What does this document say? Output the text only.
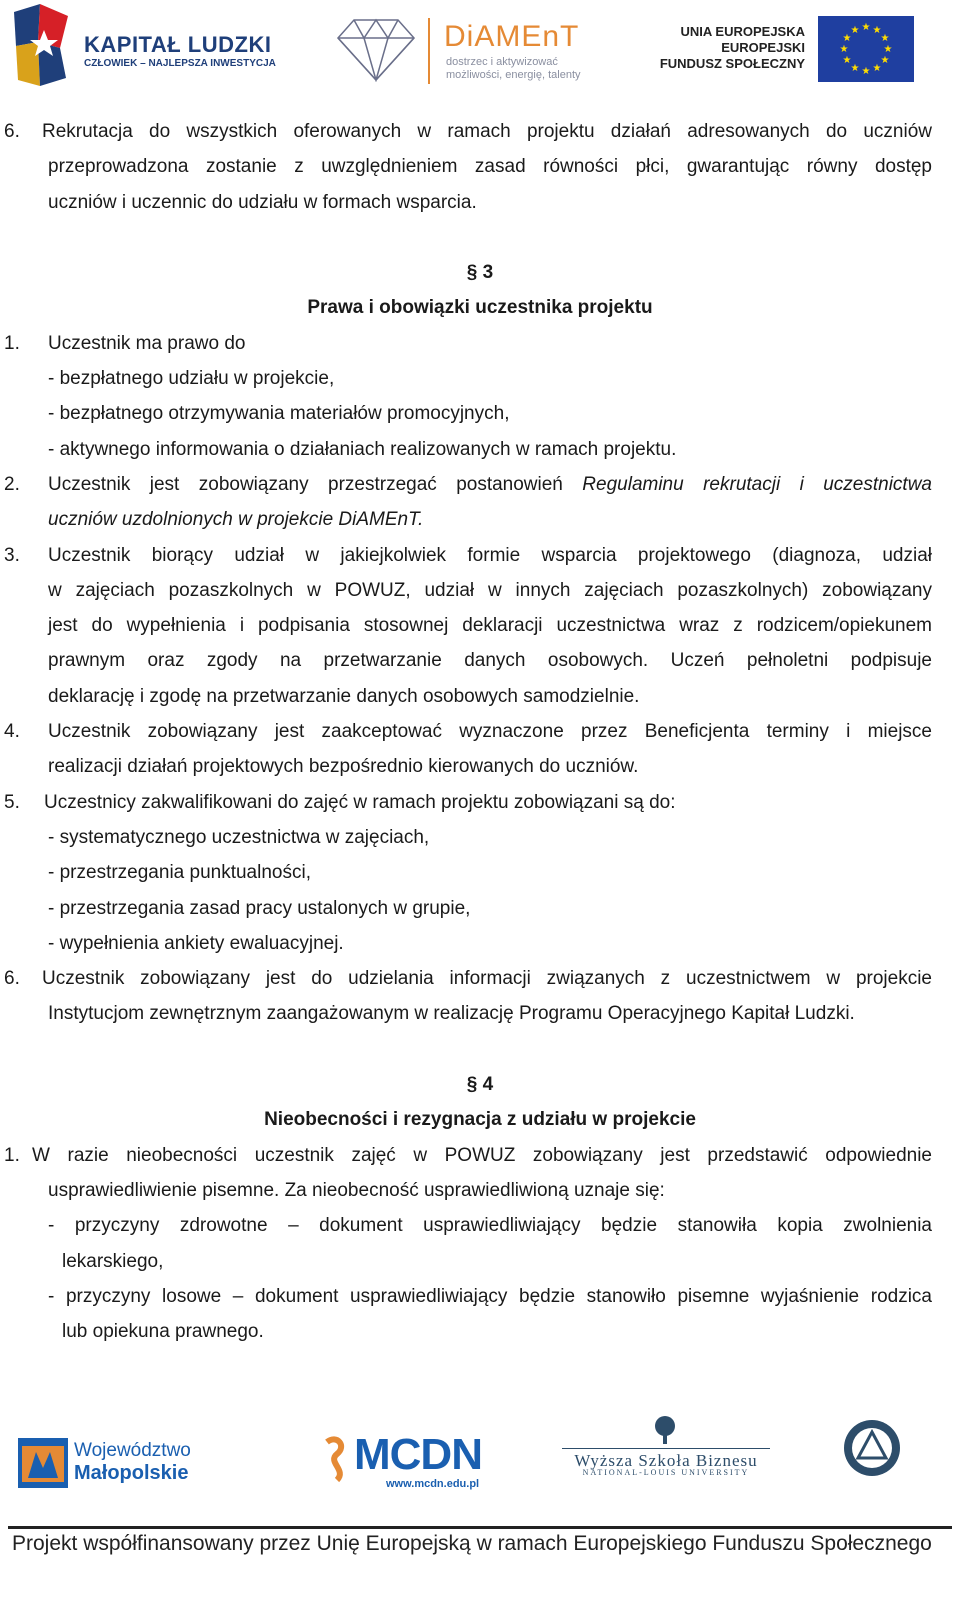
KAPITAŁ LUDZKI
CZŁOWIEK – NAJLEPSZA INWESTYCJA
DiAMEnT
dostrzec i aktywizować
możliwości, energię, talenty
UNIA EUROPEJSKA
EUROPEJSKI
FUNDUSZ SPOŁECZNY
★ ★
★
★
★
★
★
★
★
★
★
★
6. Rekrutacja do wszystkich oferowanych w ramach projektu działań adresowanych do uczniów
przeprowadzona zostanie z uwzględnieniem zasad równości płci, gwarantując równy dostęp
uczniów i uczennic do udziału w formach wsparcia.
§ 3
Prawa i obowiązki uczestnika projektu
1. Uczestnik ma prawo do
- bezpłatnego udziału w projekcie,
- bezpłatnego otrzymywania materiałów promocyjnych,
- aktywnego informowania o działaniach realizowanych w ramach projektu.
2. Uczestnik jest zobowiązany przestrzegać postanowień Regulaminu rekrutacji i uczestnictwa
uczniów uzdolnionych w projekcie DiAMEnT.
3. Uczestnik biorący udział w jakiejkolwiek formie wsparcia projektowego (diagnoza, udział
w zajęciach pozaszkolnych w POWUZ, udział w innych zajęciach pozaszkolnych) zobowiązany
jest do wypełnienia i podpisania stosownej deklaracji uczestnictwa wraz z rodzicem/opiekunem
prawnym oraz zgody na przetwarzanie danych osobowych. Uczeń pełnoletni podpisuje
deklarację i zgodę na przetwarzanie danych osobowych samodzielnie.
4. Uczestnik zobowiązany jest zaakceptować wyznaczone przez Beneficjenta terminy i miejsce
realizacji działań projektowych bezpośrednio kierowanych do uczniów.
5. Uczestnicy zakwalifikowani do zajęć w ramach projektu zobowiązani są do:
- systematycznego uczestnictwa w zajęciach,
- przestrzegania punktualności,
- przestrzegania zasad pracy ustalonych w grupie,
- wypełnienia ankiety ewaluacyjnej.
6. Uczestnik zobowiązany jest do udzielania informacji związanych z uczestnictwem w projekcie
Instytucjom zewnętrznym zaangażowanym w realizację Programu Operacyjnego Kapitał Ludzki.
§ 4
Nieobecności i rezygnacja z udziału w projekcie
1. W razie nieobecności uczestnik zajęć w POWUZ zobowiązany jest przedstawić odpowiednie
usprawiedliwienie pisemne. Za nieobecność usprawiedliwioną uznaje się:
- przyczyny zdrowotne – dokument usprawiedliwiający będzie stanowiła kopia zwolnienia
lekarskiego,
- przyczyny losowe – dokument usprawiedliwiający będzie stanowiło pisemne wyjaśnienie rodzica
lub opiekuna prawnego.
Województwo
Małopolskie	MCDN
www.mcdn.edu.pl
Wyższa Szkoła Biznesu
NATIONAL-LOUIS UNIVERSITY
Projekt współfinansowany przez Unię Europejską w ramach Europejskiego Funduszu Społecznego
